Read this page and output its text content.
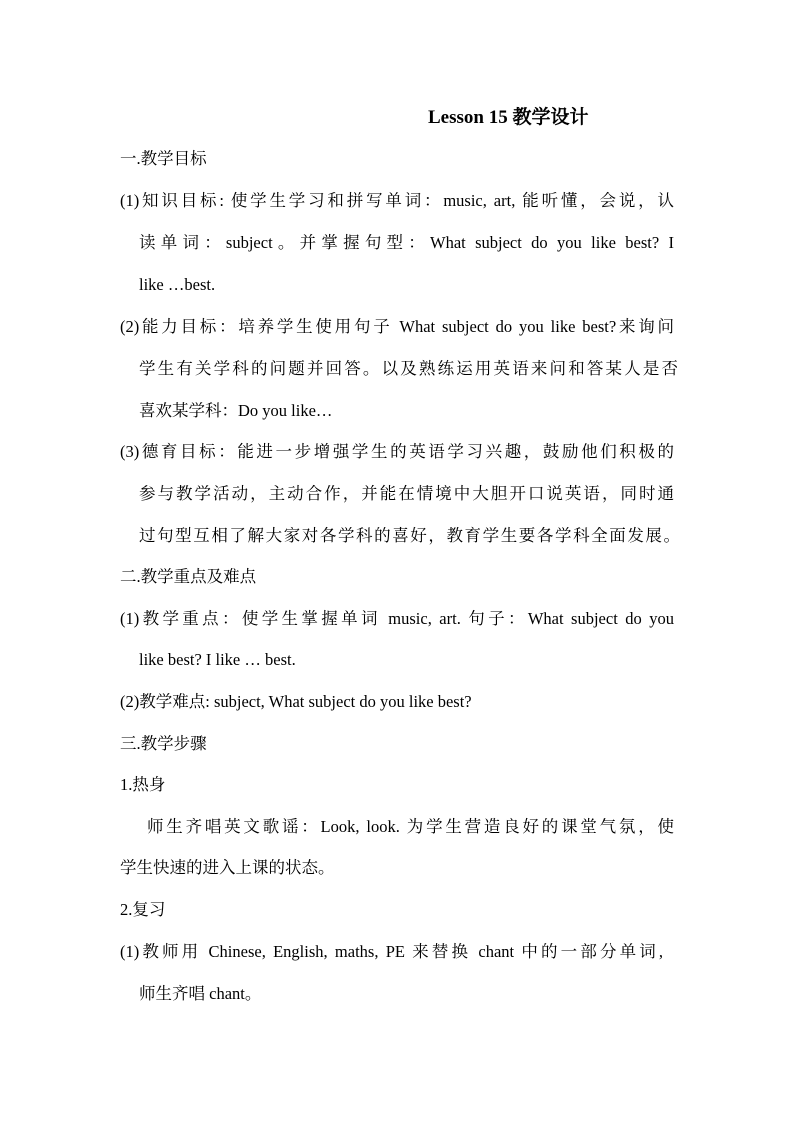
Lesson 15 教学设计
一.教学目标
(1)知识目标: 使学生学习和拼写单词：music, art, 能听懂，会说，认
读单词：subject。并掌握句型：What subject do you like best? I
like …best.
(2)能力目标：培养学生使用句子 What subject do you like best?来询问
学生有关学科的问题并回答。以及熟练运用英语来问和答某人是否
喜欢某学科：Do you like…
(3)德育目标：能进一步增强学生的英语学习兴趣，鼓励他们积极的
参与教学活动，主动合作，并能在情境中大胆开口说英语，同时通
过句型互相了解大家对各学科的喜好，教育学生要各学科全面发展。
二.教学重点及难点
(1)教学重点：使学生掌握单词 music, art. 句子：What subject do you
like best? I like … best.
(2)教学难点: subject, What subject do you like best?
三.教学步骤
1.热身
师生齐唱英文歌谣：Look, look. 为学生营造良好的课堂气氛，使
学生快速的进入上课的状态。
2.复习
(1)教师用 Chinese, English, maths, PE 来替换 chant 中的一部分单词,
师生齐唱 chant。
